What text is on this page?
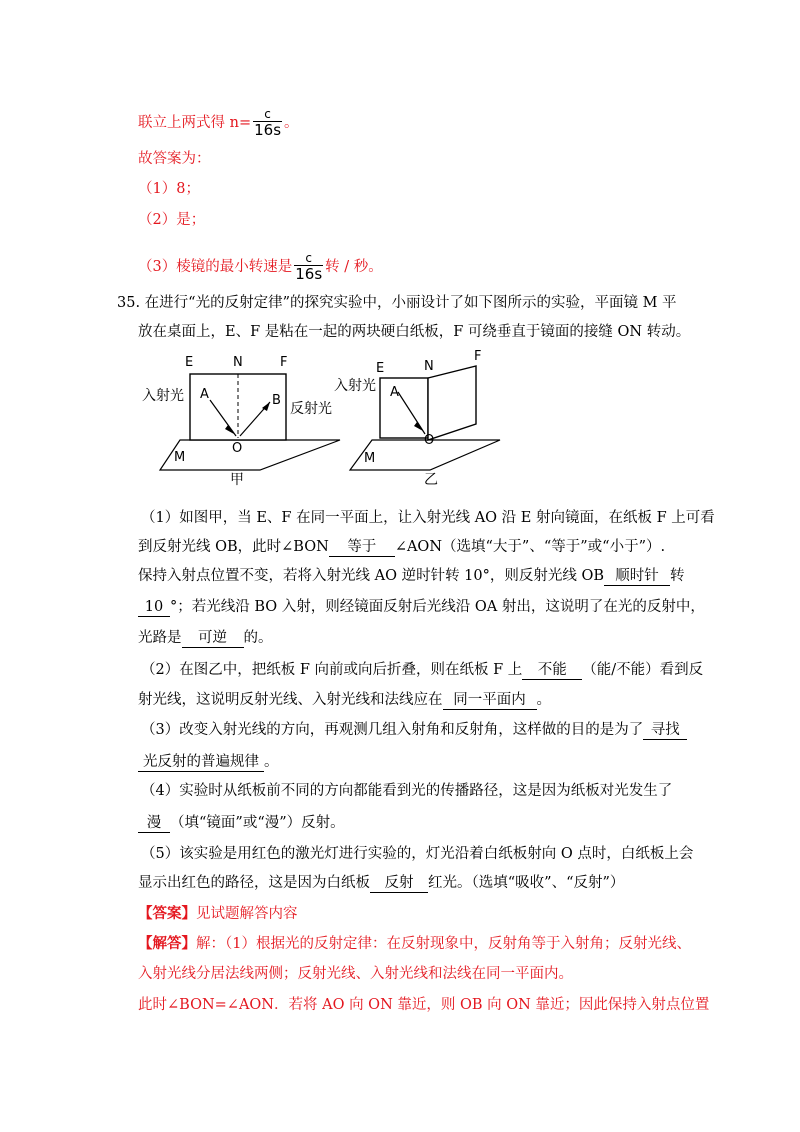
联立上两式得 $n= \frac{c}{16s}$ 。
故答案为：
（1）8；
（2）是；
（3）棱镜的最小转速是 $\frac{c}{16s}$ 转 / 秒。
35. 在进行“光的反射定律”的探究实验中，小丽设计了如下图所示的实验，平面镜 M 平
放在桌面上，E、F 是粘在一起的两块硬白纸板，F 可绕垂直于镜面的接缝 ON 转动。
E	N	F
A	B
O
M
入射光
反射光
甲
E	N
F
A
O
M
入射光
乙
（1）如图甲，当 E、F 在同一平面上，让入射光线 AO 沿 E 射向镜面，在纸板 F 上可看
到反射光线 OB，此时∠BON 等于 ∠AON（选填“大于”、“等于”或“小于”）.
保持入射点位置不变，若将入射光线 AO 逆时针转 10°，则反射光线 OB 顺时针 转
10 °；若光线沿 BO 入射，则经镜面反射后光线沿 OA 射出，这说明了在光的反射中，
光路是 可逆 的。
（2）在图乙中，把纸板 F 向前或向后折叠，则在纸板 F 上 不能 （能/不能）看到反
射光线，这说明反射光线、入射光线和法线应在 同一平面内 。
（3）改变入射光线的方向，再观测几组入射角和反射角，这样做的目的是为了 寻找
光反射的普遍规律 。
（4）实验时从纸板前不同的方向都能看到光的传播路径，这是因为纸板对光发生了
漫 （填“镜面”或“漫”）反射。
（5）该实验是用红色的激光灯进行实验的，灯光沿着白纸板射向 O 点时，白纸板上会
显示出红色的路径，这是因为白纸板 反射 红光。（选填“吸收”、“反射”）
【答案】见试题解答内容
【解答】解：（1）根据光的反射定律：在反射现象中，反射角等于入射角；反射光线、
入射光线分居法线两侧；反射光线、入射光线和法线在同一平面内。
此时∠BON=∠AON．若将 AO 向 ON 靠近，则 OB 向 ON 靠近；因此保持入射点位置
